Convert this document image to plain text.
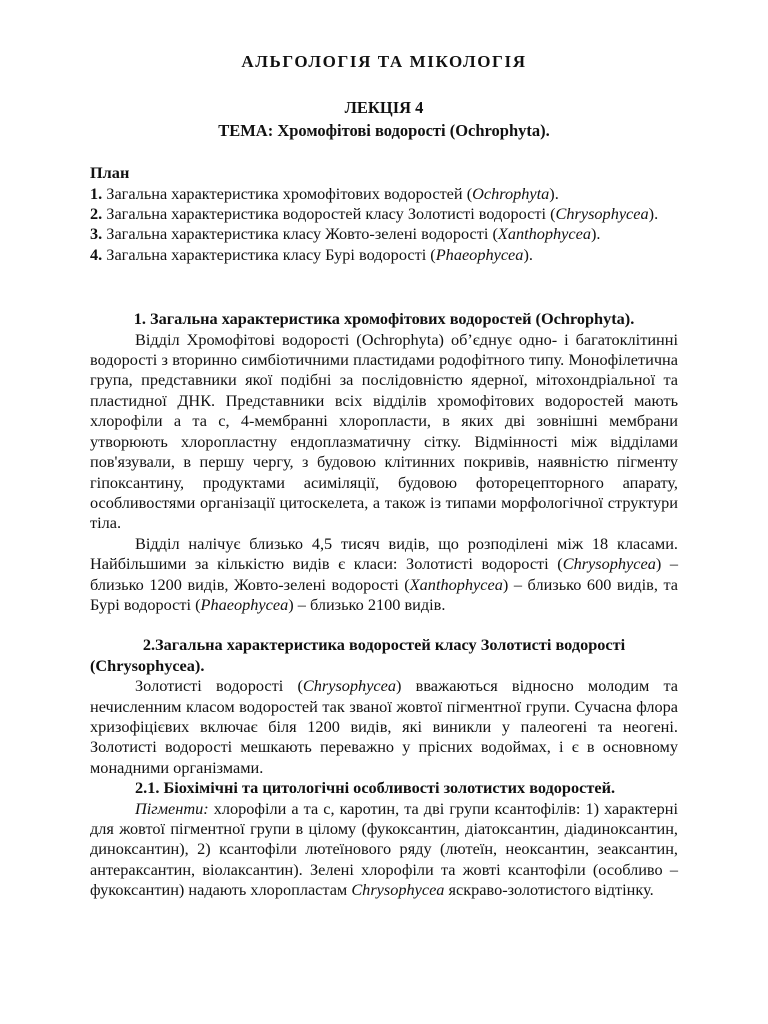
АЛЬГОЛОГІЯ ТА МІКОЛОГІЯ
ЛЕКЦІЯ 4
ТЕМА: Хромофітові водорості (Ochrophyta).
План
1. Загальна характеристика хромофітових водоростей (Ochrophyta).
2. Загальна характеристика водоростей класу Золотисті водорості (Chrysophycea).
3. Загальна характеристика класу Жовто-зелені водорості (Xanthophycea).
4. Загальна характеристика класу Бурі водорості (Phaeophycea).
1. Загальна характеристика хромофітових водоростей (Ochrophyta).

Відділ Хромофітові водорості (Ochrophyta) об’єднує одно- і багатоклітинні водорості з вторинно симбіотичними пластидами родофітного типу. Монофілетична група, представники якої подібні за послідовністю ядерної, мітохондріальної та пластидної ДНК. Представники всіх відділів хромофітових водоростей мають хлорофіли а та с, 4-мембранні хлоропласти, в яких дві зовнішні мембрани утворюють хлоропластну ендоплазматичну сітку. Відмінності між відділами пов'язували, в першу чергу, з будовою клітинних покривів, наявністю пігменту гіпоксантину, продуктами асиміляції, будовою фоторецепторного апарату, особливостями організації цитоскелета, а також із типами морфологічної структури тіла.

Відділ налічує близько 4,5 тисяч видів, що розподілені між 18 класами. Найбільшими за кількістю видів є класи: Золотисті водорості (Chrysophycea) – близько 1200 видів, Жовто-зелені водорості (Xanthophycea) – близько 600 видів, та Бурі водорості (Phaeophycea) – близько 2100 видів.

2.Загальна характеристика водоростей класу Золотисті водорості
(Chrysophycea).

Золотисті водорості (Chrysophycea) вважаються відносно молодим та нечисленним класом водоростей так званої жовтої пігментної групи. Сучасна флора хризофіцієвих включає біля 1200 видів, які виникли у палеогені та неогені. Золотисті водорості мешкають переважно у прісних водоймах, і є в основному монадними організмами.

2.1. Біохімічні та цитологічні особливості золотистих водоростей.

Пігменти: хлорофіли а та с, каротин, та дві групи ксантофілів: 1) характерні для жовтої пігментної групи в цілому (фукоксантин, діатоксантин, діадиноксантин, диноксантин), 2) ксантофіли лютеїнового ряду (лютеїн, неоксантин, зеаксантин, антераксантин, віолаксантин). Зелені хлорофіли та жовті ксантофіли (особливо – фукоксантин) надають хлоропластам Chrysophycea яскраво-золотистого відтінку.
